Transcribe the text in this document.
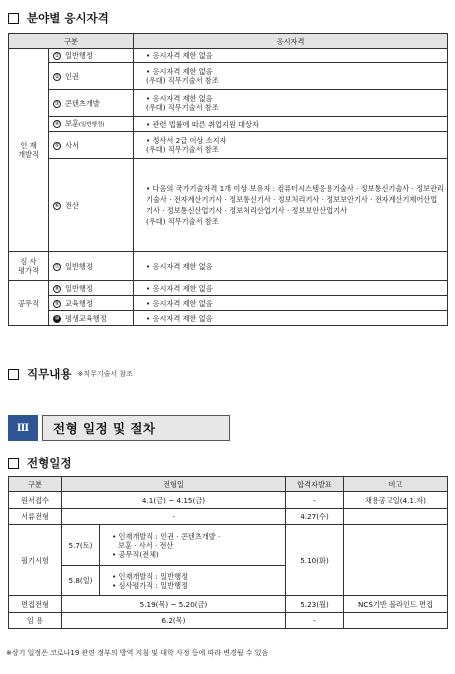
분야별 응시자격
구분		응시자격
인 재
개발직	① 일반행정	• 응시자격 제한 없음

	② 인권	• 응시자격 제한 없음
(우대) 직무기술서 참조

	③ 콘텐츠개발	• 응시자격 제한 없음
(우대) 직무기술서 참조

	④ 보훈(일반행정)	• 관련 법률에 따른 취업지원 대상자

	⑤ 사서	• 정사서 2급 이상 소지자
(우대) 직무기술서 참조

	⑥ 전산	• 다음의 국가기술자격 1개 이상 보유자 : 컴퓨터시스템응용기술사 · 정보통신기술사 · 정보관리기술사 · 전자계산기기사 · 정보통신기사 · 정보처리기사 · 정보보안기사 · 전자계산기제어산업기사 · 정보통신산업기사 · 정보처리산업기사 · 정보보안산업기사
(우대) 직무기술서 참조

심 사
평가직	⑦ 일반행정	• 응시자격 제한 없음

공무직	⑧ 일반행정	• 응시자격 제한 없음

	⑨ 교육행정	• 응시자격 제한 없음

	⑩ 평생교육행정	• 응시자격 제한 없음
직무내용 ※직무기술서 참조
Ⅲ	전형 일정 및 절차
전형일정
구분	전형일		합격자발표	비고
원서접수	4.1(금) ~ 4.15(금)		-	채용공고일(4.1.자)
서류전형	-		4.27(수)	
필기시험	5.7(토)	• 인재개발직 : 인권 · 콘텐츠개발 ·
보훈 · 사서 · 전산
• 공무직(전체)	5.10(화)	
	5.8(일)	• 인재개발직 : 일반행정
• 심사평가직 : 일반행정		

면접전형	5.19(목) ~ 5.20(금)		5.23(월)	NCS기반 블라인드 면접
임 용	6.2(목)		-	
※상기 일정은 코로나19 관련 정부의 방역 지침 및 대학 사정 등에 따라 변경될 수 있음
